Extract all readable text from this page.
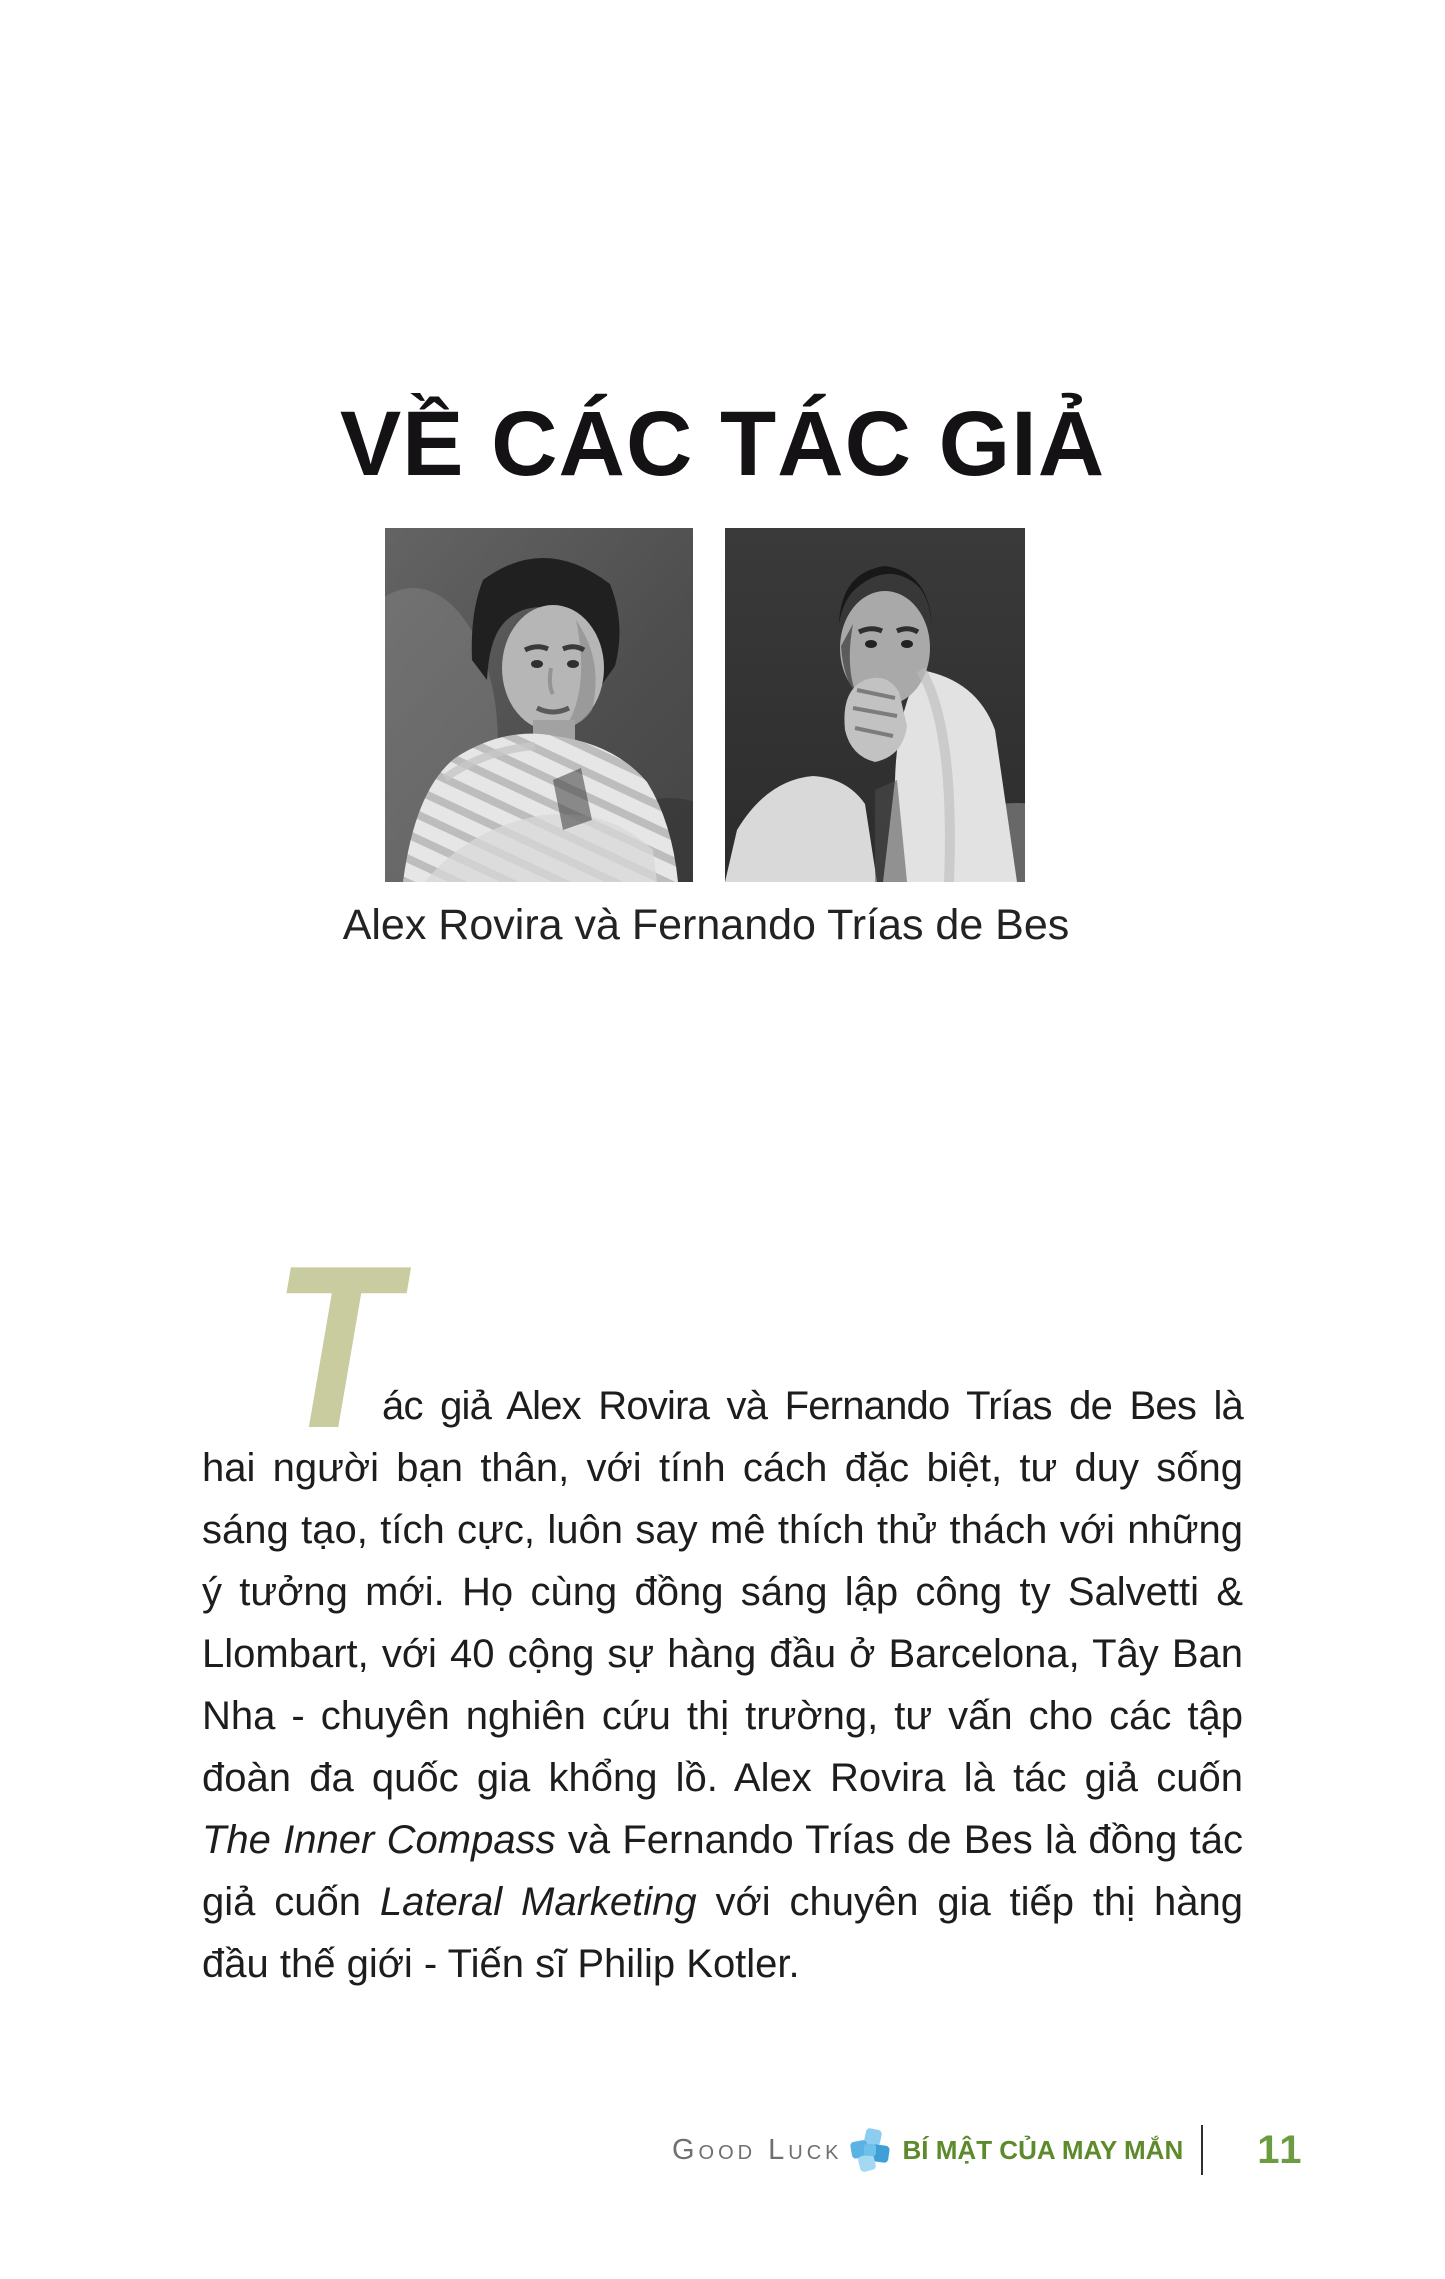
VỀ CÁC TÁC GIẢ
Alex Rovira và Fernando Trías de Bes
T
ác giả Alex Rovira và Fernando Trías de Bes là
hai người bạn thân, với tính cách đặc biệt, tư duy sống
sáng tạo, tích cực, luôn say mê thích thử thách với những
ý tưởng mới. Họ cùng đồng sáng lập công ty Salvetti &
Llombart, với 40 cộng sự hàng đầu ở Barcelona, Tây Ban
Nha - chuyên nghiên cứu thị trường, tư vấn cho các tập
đoàn đa quốc gia khổng lồ. Alex Rovira là tác giả cuốn
The Inner Compass và Fernando Trías de Bes là đồng tác
giả cuốn Lateral Marketing với chuyên gia tiếp thị hàng
đầu thế giới - Tiến sĩ Philip Kotler.
Good Luck BÍ MẬT CỦA MAY MẮN 11
